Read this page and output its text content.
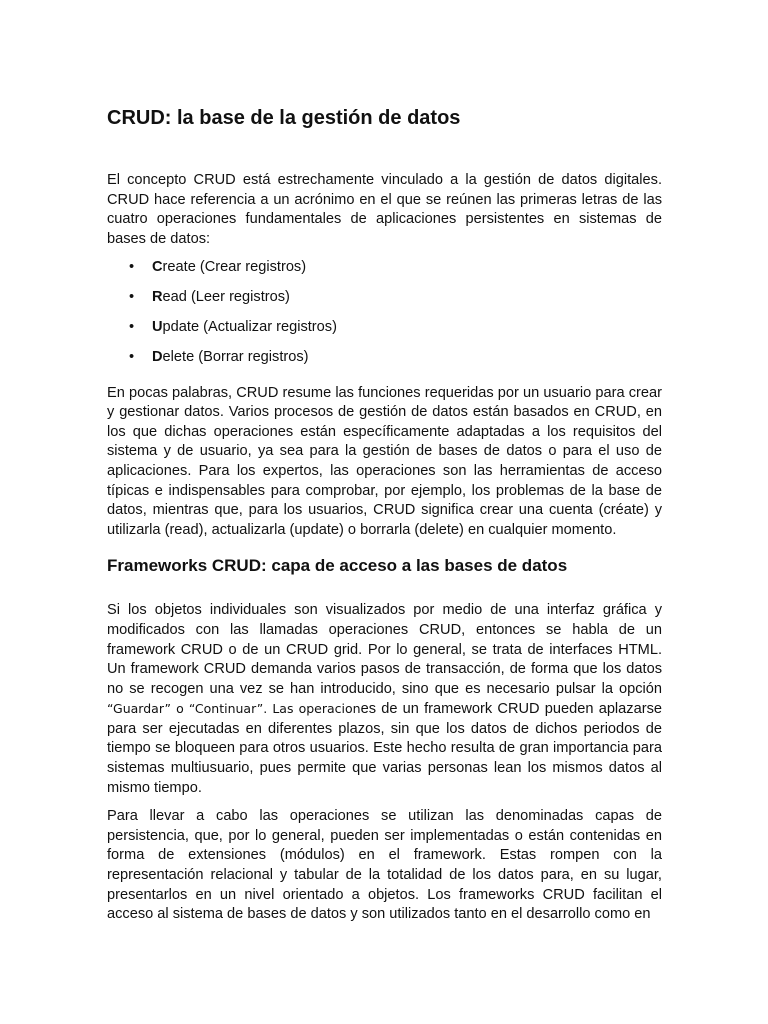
CRUD: la base de la gestión de datos

El concepto CRUD está estrechamente vinculado a la gestión de datos digitales. CRUD hace referencia a un acrónimo en el que se reúnen las primeras letras de las cuatro operaciones fundamentales de aplicaciones persistentes en sistemas de bases de datos:

• Create (Crear registros)
• Read (Leer registros)
• Update (Actualizar registros)
• Delete (Borrar registros)

En pocas palabras, CRUD resume las funciones requeridas por un usuario para crear y gestionar datos. Varios procesos de gestión de datos están basados en CRUD, en los que dichas operaciones están específicamente adaptadas a los requisitos del sistema y de usuario, ya sea para la gestión de bases de datos o para el uso de aplicaciones. Para los expertos, las operaciones son las herramientas de acceso típicas e indispensables para comprobar, por ejemplo, los problemas de la base de datos, mientras que, para los usuarios, CRUD significa crear una cuenta (créate) y utilizarla (read), actualizarla (update) o borrarla (delete) en cualquier momento.

Frameworks CRUD: capa de acceso a las bases de datos

Si los objetos individuales son visualizados por medio de una interfaz gráfica y modificados con las llamadas operaciones CRUD, entonces se habla de un framework CRUD o de un CRUD grid. Por lo general, se trata de interfaces HTML. Un framework CRUD demanda varios pasos de transacción, de forma que los datos no se recogen una vez se han introducido, sino que es necesario pulsar la opción “Guardar” o “Continuar”. Las operaciones de un framework CRUD pueden aplazarse para ser ejecutadas en diferentes plazos, sin que los datos de dichos periodos de tiempo se bloqueen para otros usuarios. Este hecho resulta de gran importancia para sistemas multiusuario, pues permite que varias personas lean los mismos datos al mismo tiempo.

Para llevar a cabo las operaciones se utilizan las denominadas capas de persistencia, que, por lo general, pueden ser implementadas o están contenidas en forma de extensiones (módulos) en el framework. Estas rompen con la representación relacional y tabular de la totalidad de los datos para, en su lugar, presentarlos en un nivel orientado a objetos. Los frameworks CRUD facilitan el acceso al sistema de bases de datos y son utilizados tanto en el desarrollo como en
